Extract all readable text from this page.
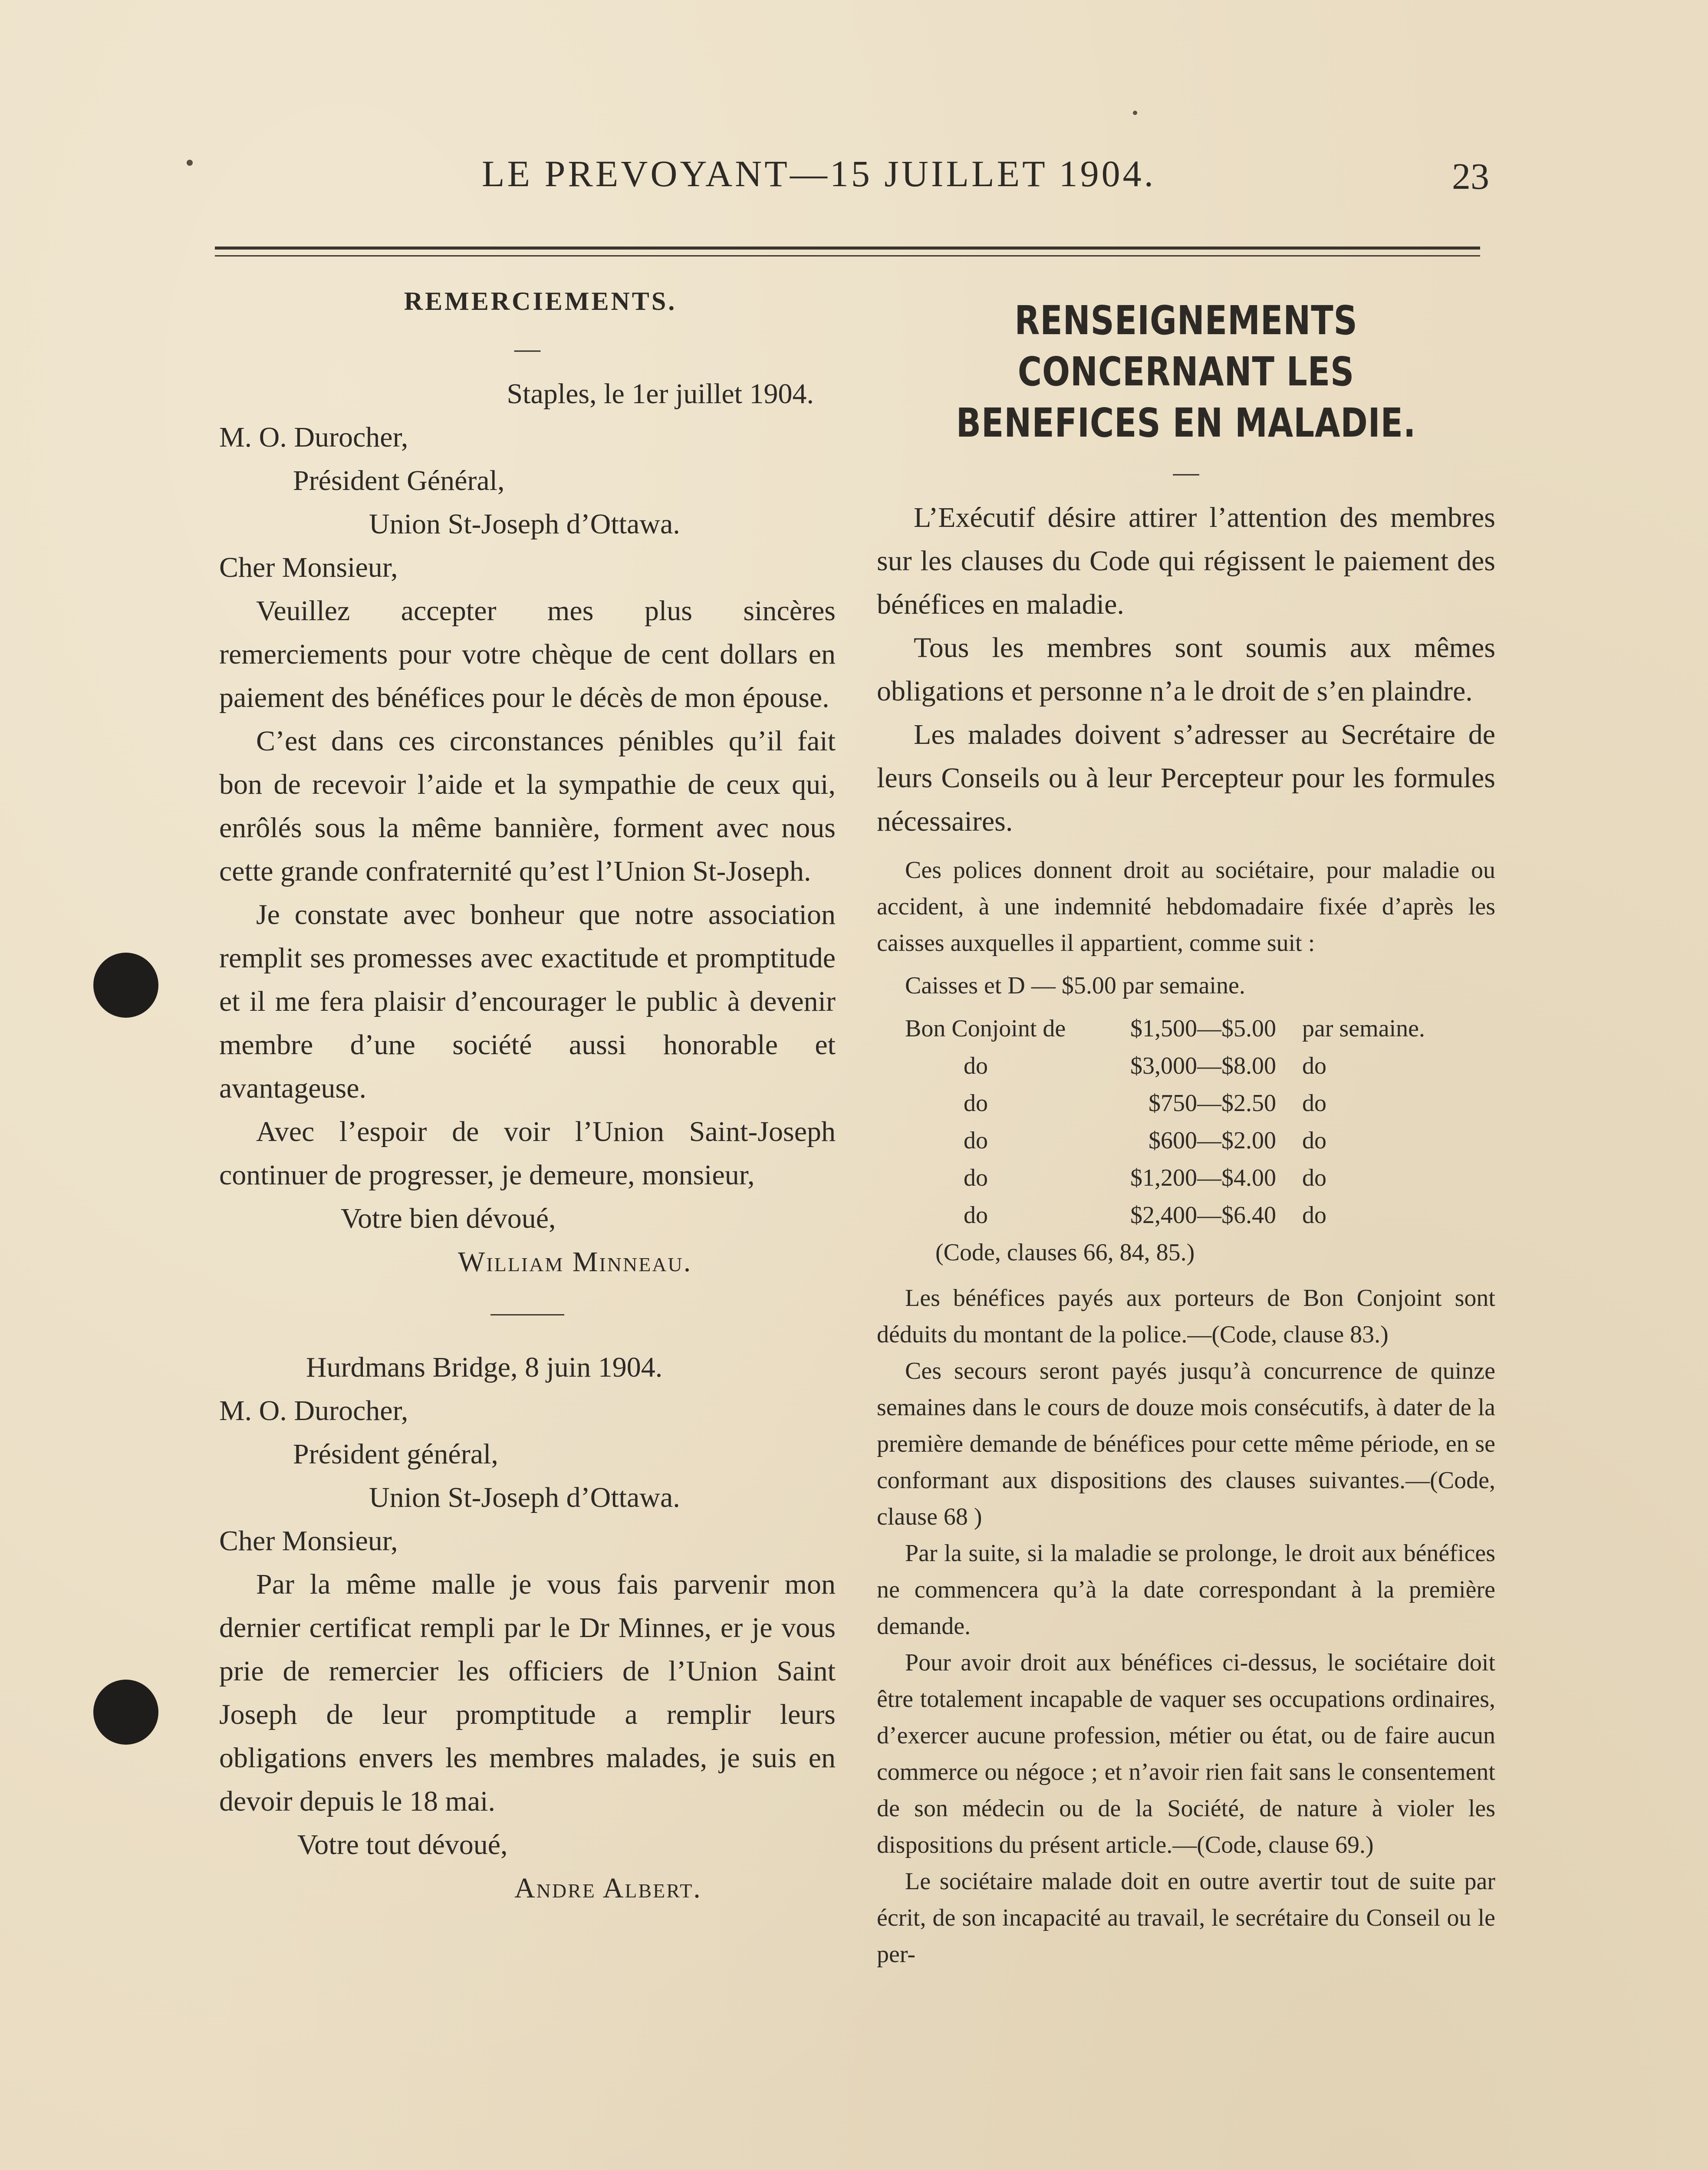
LE PREVOYANT—15 JUILLET 1904.	23
REMERCIEMENTS.
—

Staples, le 1er juillet 1904.

M. O. Durocher,

Président Général,

Union St-Joseph d’Ottawa.

Cher Monsieur,

Veuillez accepter mes plus sincères remerciements pour votre chèque de cent dollars en paiement des bénéfices pour le décès de mon épouse.

C’est dans ces circonstances pénibles qu’il fait bon de recevoir l’aide et la sympathie de ceux qui, enrôlés sous la même bannière, forment avec nous cette grande confraternité qu’est l’Union St-Joseph.

Je constate avec bonheur que notre association remplit ses promesses avec exactitude et promptitude et il me fera plaisir d’encourager le public à devenir membre d’une société aussi honorable et avantageuse.

Avec l’espoir de voir l’Union Saint-Joseph continuer de progresser, je demeure, monsieur,

Votre bien dévoué,

William Minneau.

Hurdmans Bridge, 8 juin 1904.

M. O. Durocher,

Président général,

Union St-Joseph d’Ottawa.

Cher Monsieur,

Par la même malle je vous fais parvenir mon dernier certificat rempli par le Dr Minnes, er je vous prie de remercier les officiers de l’Union Saint Joseph de leur promptitude a remplir leurs obligations envers les membres malades, je suis en devoir depuis le 18 mai.

Votre tout dévoué,

Andre Albert.

RENSEIGNEMENTS CONCERNANT LES BENEFICES EN MALADIE.
—

L’Exécutif désire attirer l’attention des membres sur les clauses du Code qui régissent le paiement des bénéfices en maladie.

Tous les membres sont soumis aux mêmes obligations et personne n’a le droit de s’en plaindre.

Les malades doivent s’adresser au Secrétaire de leurs Conseils ou à leur Percepteur pour les formules nécessaires.

Ces polices donnent droit au sociétaire, pour maladie ou accident, à une indemnité hebdomadaire fixée d’après les caisses auxquelles il appartient, comme suit :

Caisses et D — $5.00 par semaine.

Bon Conjoint de	$1,500—$5.00	par semaine.
do	$3,000—$8.00	do
do	$750—$2.50	do
do	$600—$2.00	do
do	$1,200—$4.00	do
do	$2,400—$6.40	do
(Code, clauses 66, 84, 85.)

Les bénéfices payés aux porteurs de Bon Conjoint sont déduits du montant de la police.—(Code, clause 83.)

Ces secours seront payés jusqu’à concurrence de quinze semaines dans le cours de douze mois consécutifs, à dater de la première demande de bénéfices pour cette même période, en se conformant aux dispositions des clauses suivantes.—(Code, clause 68 )

Par la suite, si la maladie se prolonge, le droit aux bénéfices ne commencera qu’à la date correspondant à la première demande.

Pour avoir droit aux bénéfices ci-dessus, le sociétaire doit être totalement incapable de vaquer ses occupations ordinaires, d’exercer aucune profession, métier ou état, ou de faire aucun commerce ou négoce ; et n’avoir rien fait sans le consentement de son médecin ou de la Société, de nature à violer les dispositions du présent article.—(Code, clause 69.)

Le sociétaire malade doit en outre avertir tout de suite par écrit, de son incapacité au travail, le secrétaire du Conseil ou le per-
